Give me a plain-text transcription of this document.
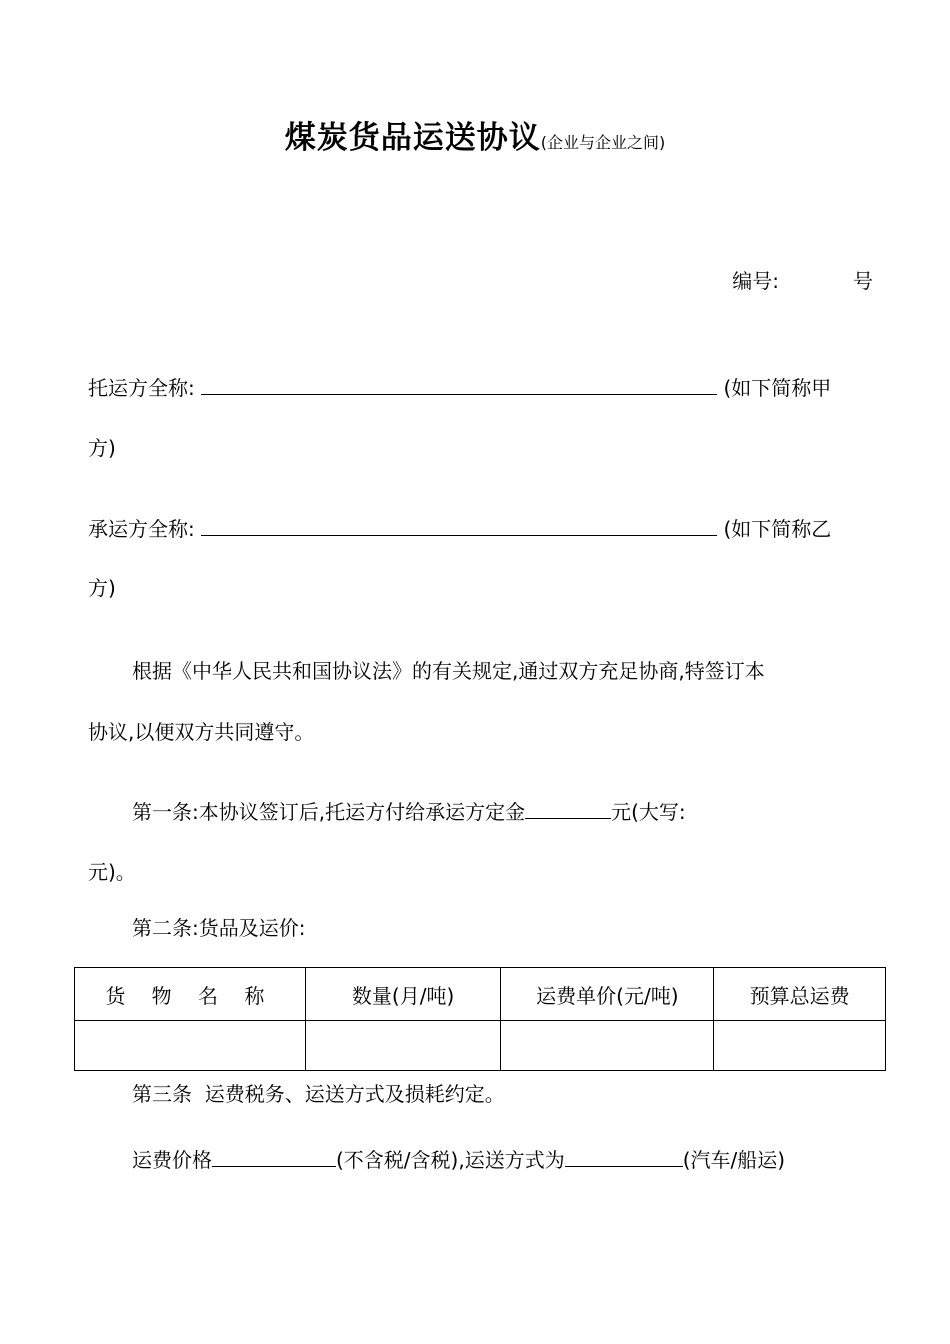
煤炭货品运送协议(企业与企业之间)
编号:	号
托运方全称:	(如下简称甲
方)
承运方全称:	(如下简称乙
方)
根据《中华人民共和国协议法》的有关规定,通过双方充足协商,特签订本
协议,以便双方共同遵守。
第一条:本协议签订后,托运方付给承运方定金	元(大写:
元)。
第二条:货品及运价:
货 物 名 称	数量(月/吨)	运费单价(元/吨)	预算总运费

第三条  运费税务、运送方式及损耗约定。
运费价格	(不含税/含税),运送方式为	(汽车/船运)
